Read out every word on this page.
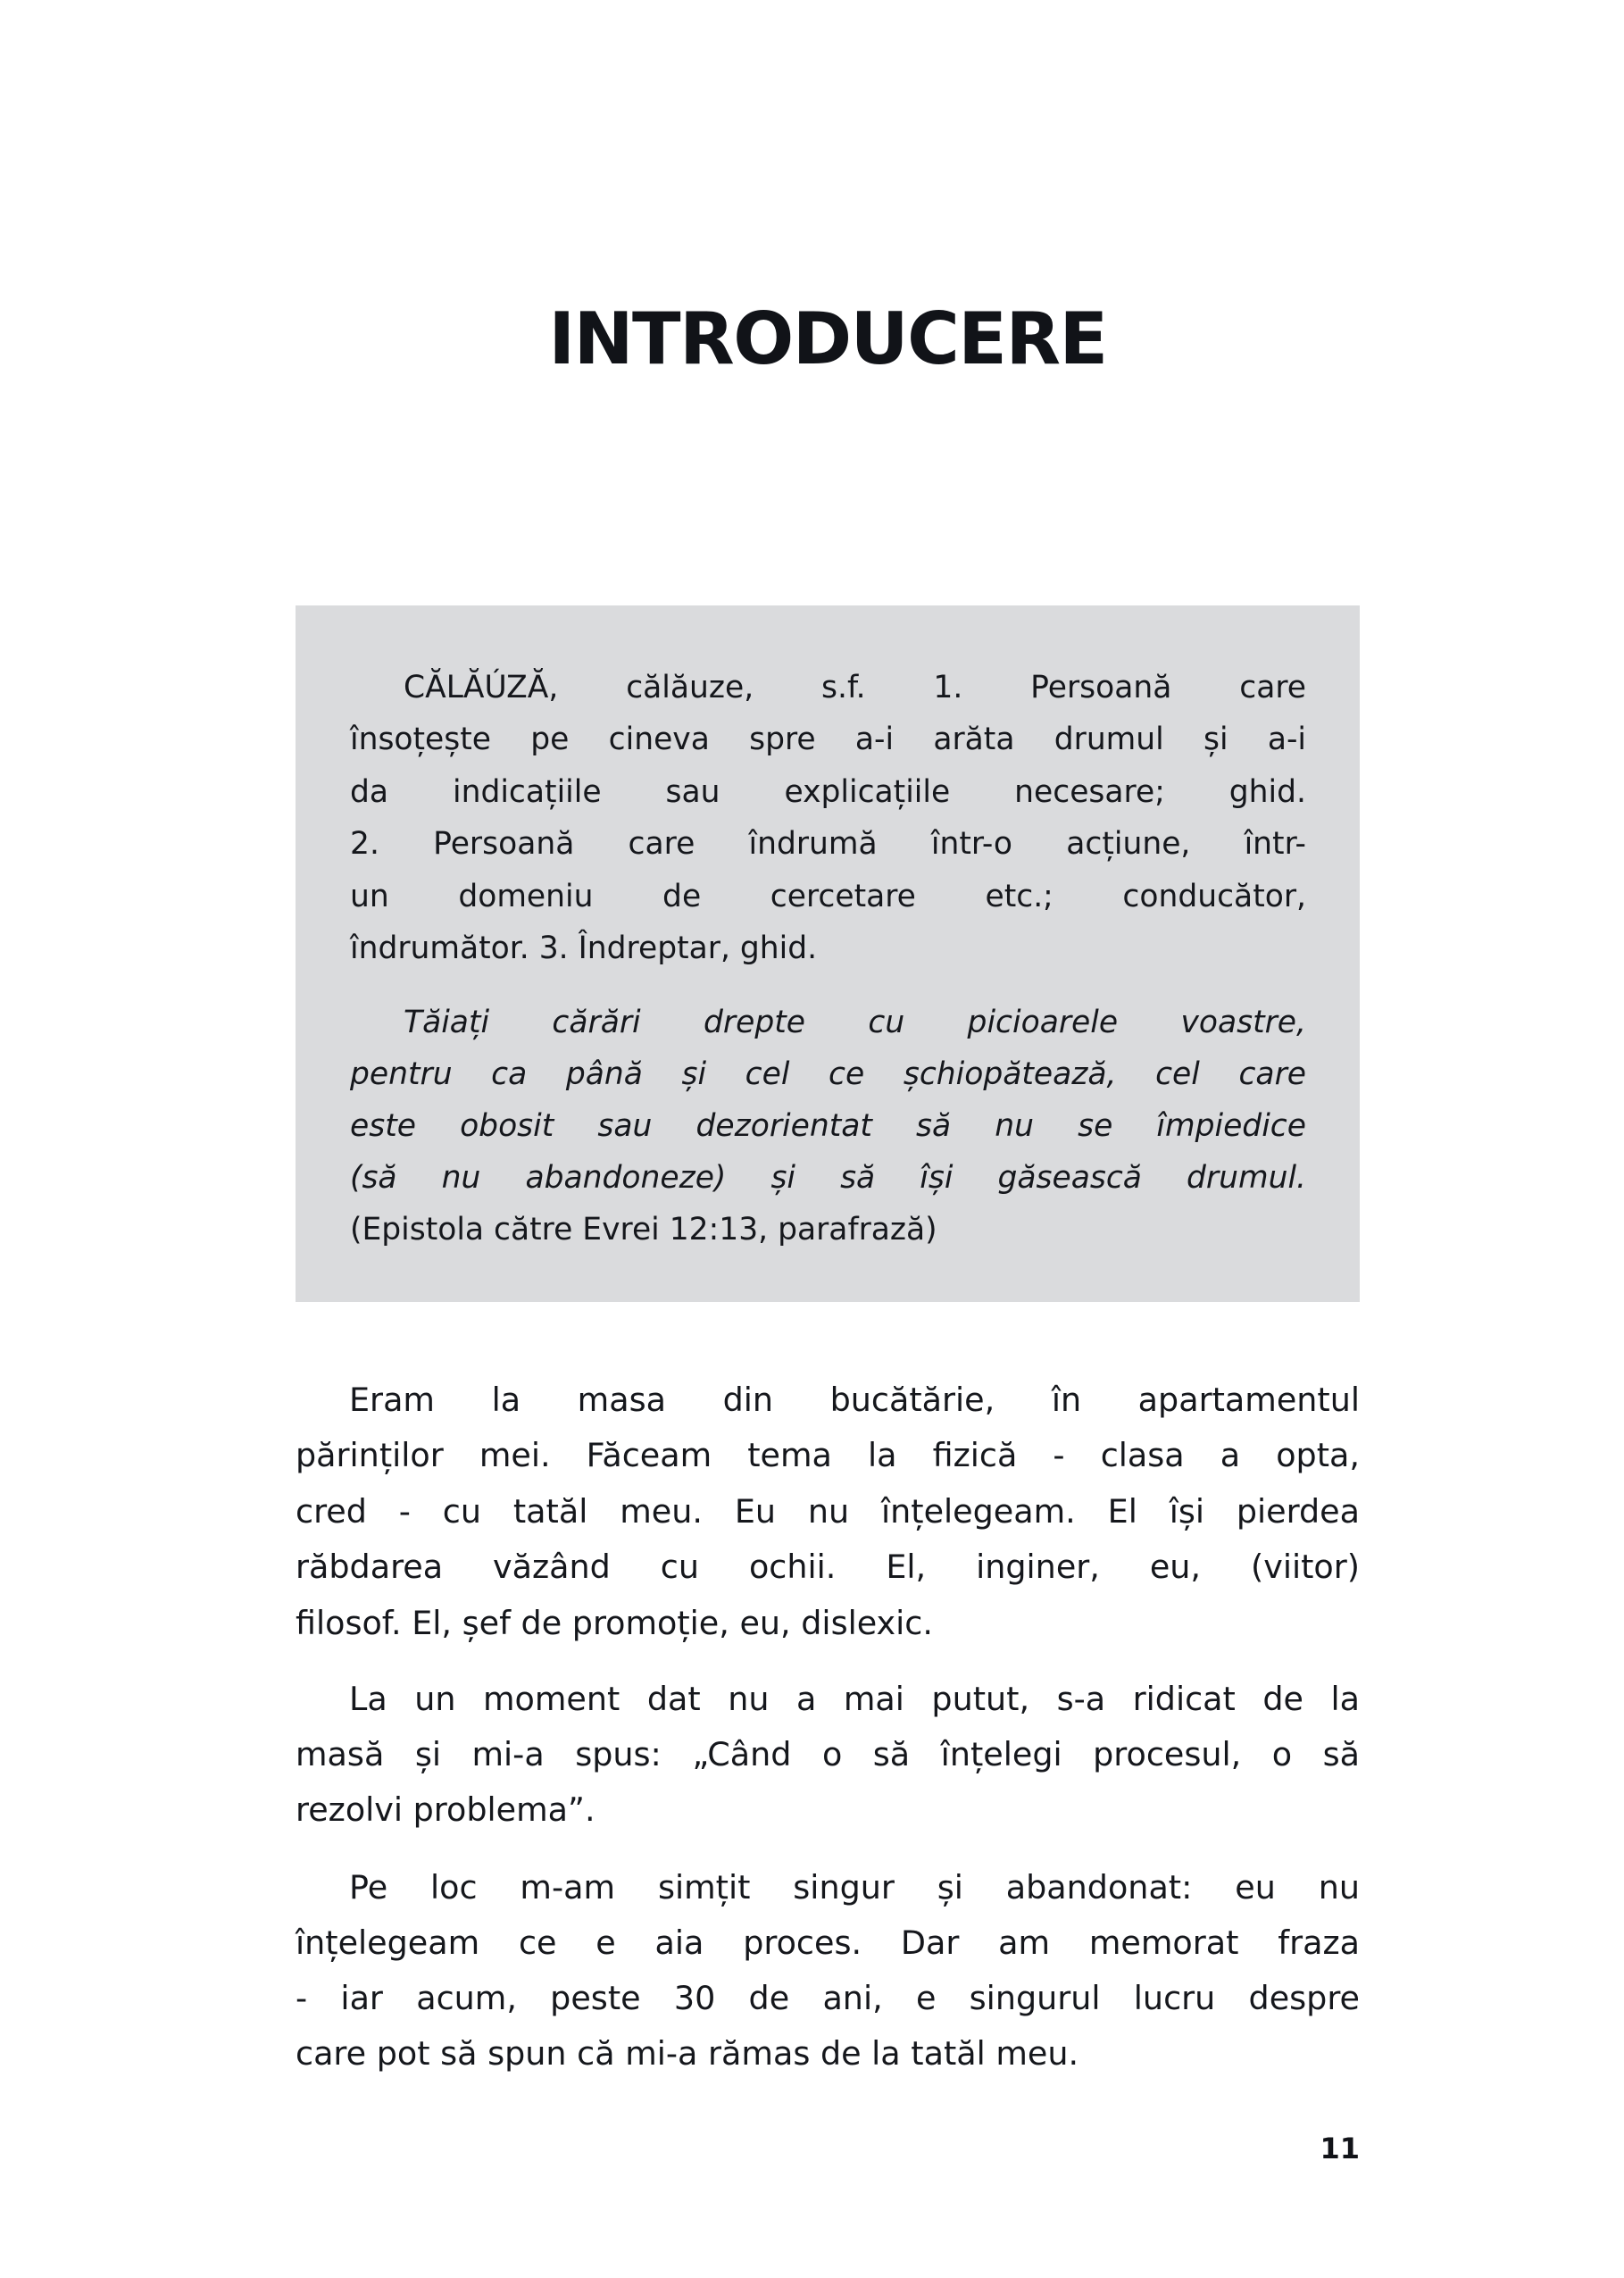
INTRODUCERE
CĂLĂÚZĂ, călăuze, s.f. 1. Persoană care
însoțește pe cineva spre a-i arăta drumul și a-i
da indicațiile sau explicațiile necesare; ghid.
2. Persoană care îndrumă într-o acțiune, într-
un domeniu de cercetare etc.; conducător,
îndrumător. 3. Îndreptar, ghid.
Tăiați cărări drepte cu picioarele voastre,
pentru ca până și cel ce șchiopătează, cel care
este obosit sau dezorientat să nu se împiedice
(să nu abandoneze) și să își găsească drumul.
(Epistola către Evrei 12:13, parafrază)
Eram la masa din bucătărie, în apartamentul
părinților mei. Făceam tema la fizică - clasa a opta,
cred - cu tatăl meu. Eu nu înțelegeam. El își pierdea
răbdarea văzând cu ochii. El, inginer, eu, (viitor)
filosof. El, șef de promoție, eu, dislexic.
La un moment dat nu a mai putut, s-a ridicat de la
masă și mi-a spus: „Când o să înțelegi procesul, o să
rezolvi problema”.
Pe loc m-am simțit singur și abandonat: eu nu
înțelegeam ce e aia proces. Dar am memorat fraza
- iar acum, peste 30 de ani, e singurul lucru despre
care pot să spun că mi-a rămas de la tatăl meu.
11
